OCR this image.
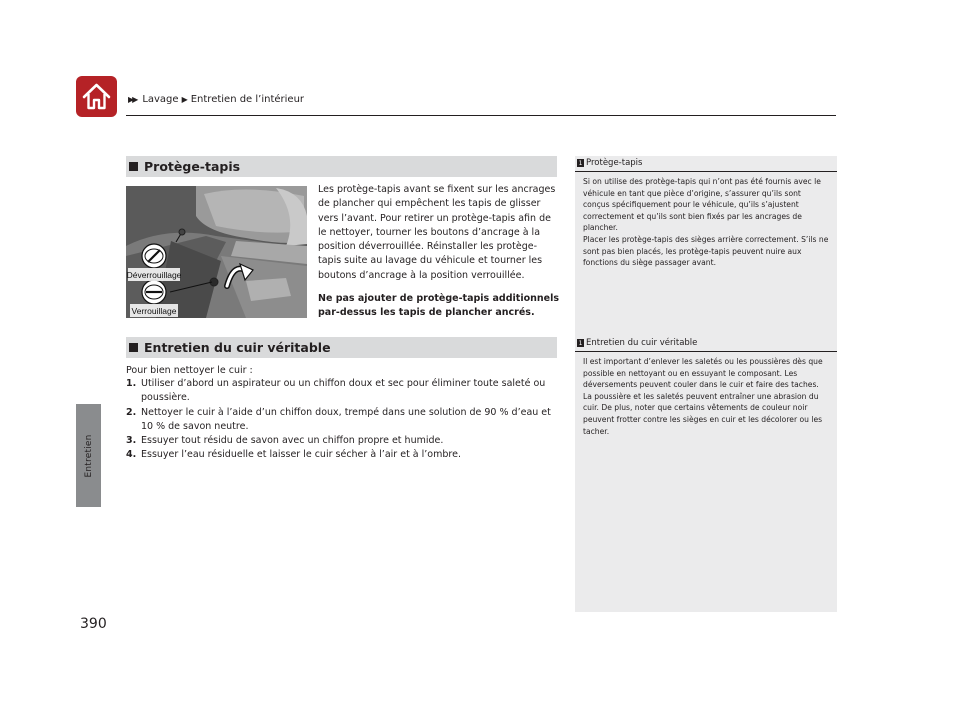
▶▶ Lavage ▶ Entretien de l’intérieur
Entretien
390
Protège-tapis
Déverrouillage
Verrouillage
Les protège-tapis avant se fixent sur les ancrages de plancher qui empêchent les tapis de glisser vers l’avant. Pour retirer un protège-tapis afin de le nettoyer, tourner les boutons d’ancrage à la position déverrouillée. Réinstaller les protège-tapis suite au lavage du véhicule et tourner les boutons d’ancrage à la position verrouillée.
Ne pas ajouter de protège-tapis additionnels par-dessus les tapis de plancher ancrés.
Entretien du cuir véritable
Pour bien nettoyer le cuir :
1. Utiliser d’abord un aspirateur ou un chiffon doux et sec pour éliminer toute saleté ou poussière.
2. Nettoyer le cuir à l’aide d’un chiffon doux, trempé dans une solution de 90 % d’eau et 10 % de savon neutre.
3. Essuyer tout résidu de savon avec un chiffon propre et humide.
4. Essuyer l’eau résiduelle et laisser le cuir sécher à l’air et à l’ombre.
1 Protège-tapis

Si on utilise des protège-tapis qui n’ont pas été fournis avec le véhicule en tant que pièce d’origine, s’assurer qu’ils sont conçus spécifiquement pour le véhicule, qu’ils s’ajustent correctement et qu’ils sont bien fixés par les ancrages de plancher.

Placer les protège-tapis des sièges arrière correctement. S’ils ne sont pas bien placés, les protège-tapis peuvent nuire aux fonctions du siège passager avant.

1 Entretien du cuir véritable

Il est important d’enlever les saletés ou les poussières dès que possible en nettoyant ou en essuyant le composant. Les déversements peuvent couler dans le cuir et faire des taches. La poussière et les saletés peuvent entraîner une abrasion du cuir. De plus, noter que certains vêtements de couleur noir peuvent frotter contre les sièges en cuir et les décolorer ou les tacher.
